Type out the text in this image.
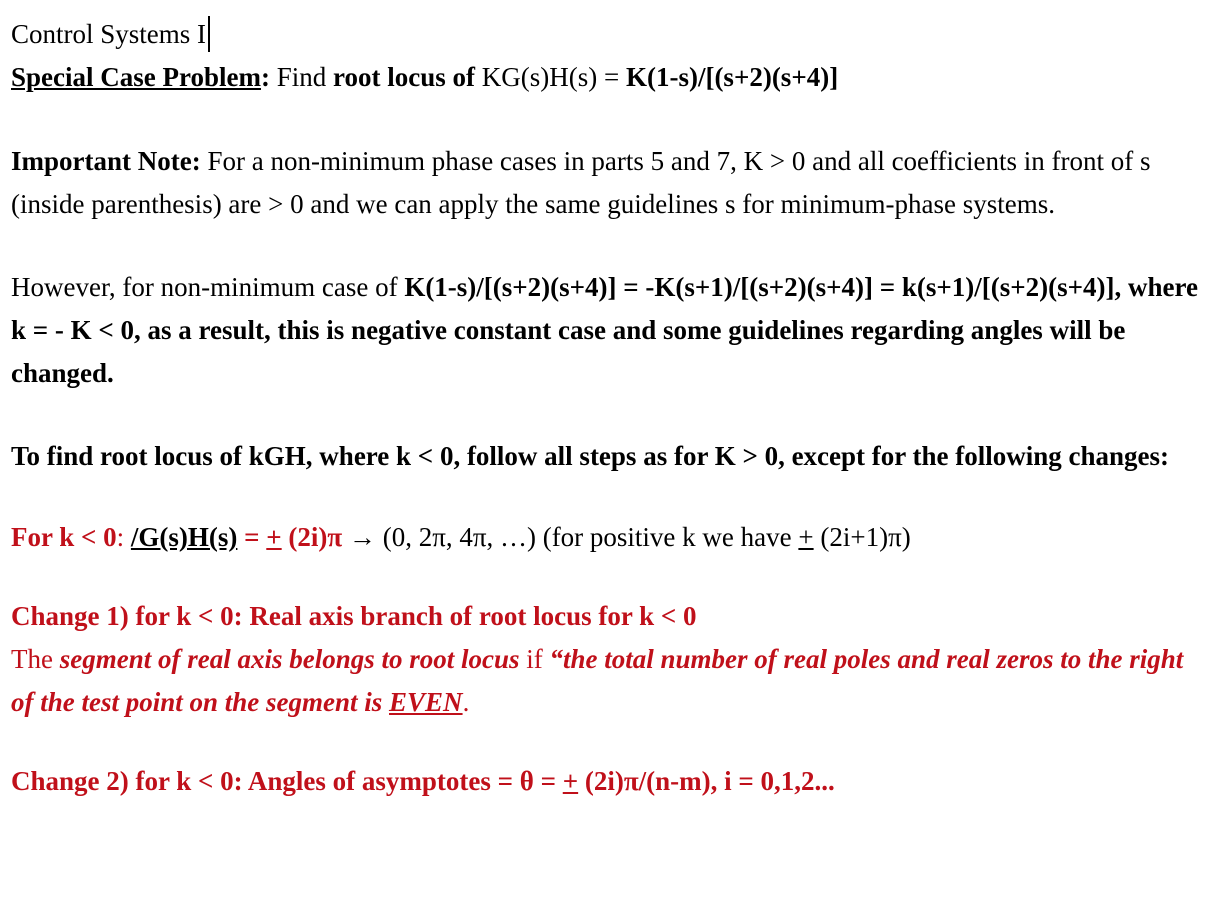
Control Systems I

Special Case Problem: Find root locus of KG(s)H(s) = K(1-s)/[(s+2)(s+4)]

Important Note: For a non-minimum phase cases in parts 5 and 7, K > 0 and all coefficients in front of s (inside parenthesis) are > 0 and we can apply the same guidelines s for minimum-phase systems.

However, for non-minimum case of K(1-s)/[(s+2)(s+4)] = -K(s+1)/[(s+2)(s+4)] = k(s+1)/[(s+2)(s+4)], where k = - K < 0, as a result, this is negative constant case and some guidelines regarding angles will be changed.

To find root locus of kGH, where k < 0, follow all steps as for K > 0, except for the following changes:

For k < 0: /G(s)H(s) = + (2i)π → (0, 2π, 4π, …) (for positive k we have + (2i+1)π)

Change 1) for k < 0: Real axis branch of root locus for k < 0
The segment of real axis belongs to root locus if “the total number of real poles and real zeros to the right of the test point on the segment is EVEN.

Change 2) for k < 0: Angles of asymptotes = θ = + (2i)π/(n-m), i = 0,1,2...
